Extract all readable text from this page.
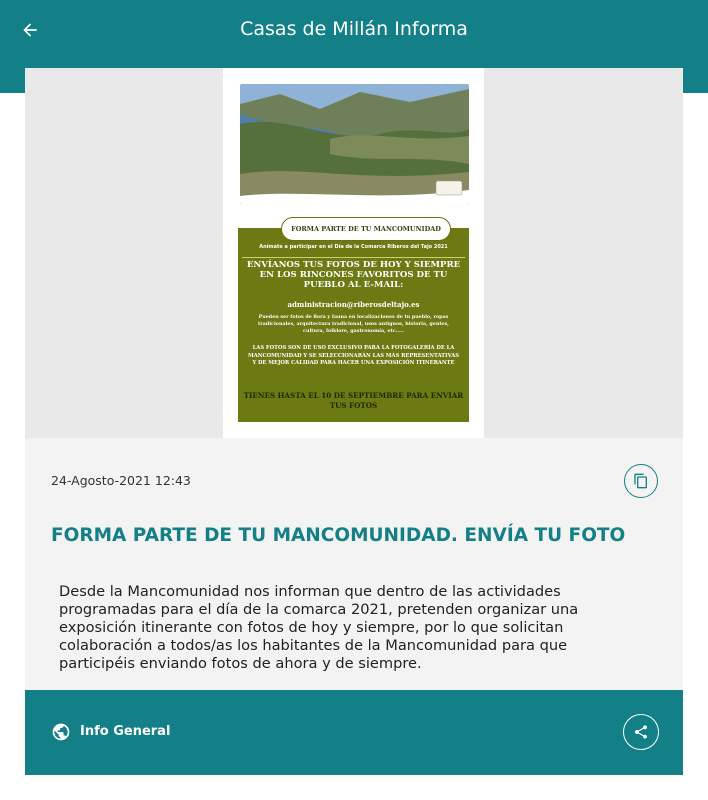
Casas de Millán Informa
Anímate a participar en el Día de la Comarca Riberos del Tajo 2021
ENVÍANOS TUS FOTOS DE HOY Y SIEMPRE EN LOS RINCONES FAVORITOS DE TU PUEBLO AL E-MAIL:
administracion@riberosdeltajo.es
Pueden ser fotos de flora y fauna en localizaciones de tu pueblo, ropas tradicionales, arquitectura tradicional, usos antiguos, historia, gentes, cultura, folklore, gastronomía, etc.....
LAS FOTOS SON DE USO EXCLUSIVO PARA LA FOTOGALERÍA DE LA MANCOMUNIDAD Y SE SELECCIONARÁN LAS MÁS REPRESENTATIVAS Y DE MEJOR CALIDAD PARA HACER UNA EXPOSICIÓN ITINERANTE
TIENES HASTA EL 10 DE SEPTIEMBRE PARA ENVIAR TUS FOTOS
FORMA PARTE DE TU MANCOMUNIDAD
24-Agosto-2021 12:43
FORMA PARTE DE TU MANCOMUNIDAD. ENVÍA TU FOTO
Desde la Mancomunidad nos informan que dentro de las actividades programadas para el día de la comarca 2021, pretenden organizar una exposición itinerante con fotos de hoy y siempre, por lo que solicitan colaboración a todos/as los habitantes de la Mancomunidad para que participéis enviando fotos de ahora y de siempre.
Info General
